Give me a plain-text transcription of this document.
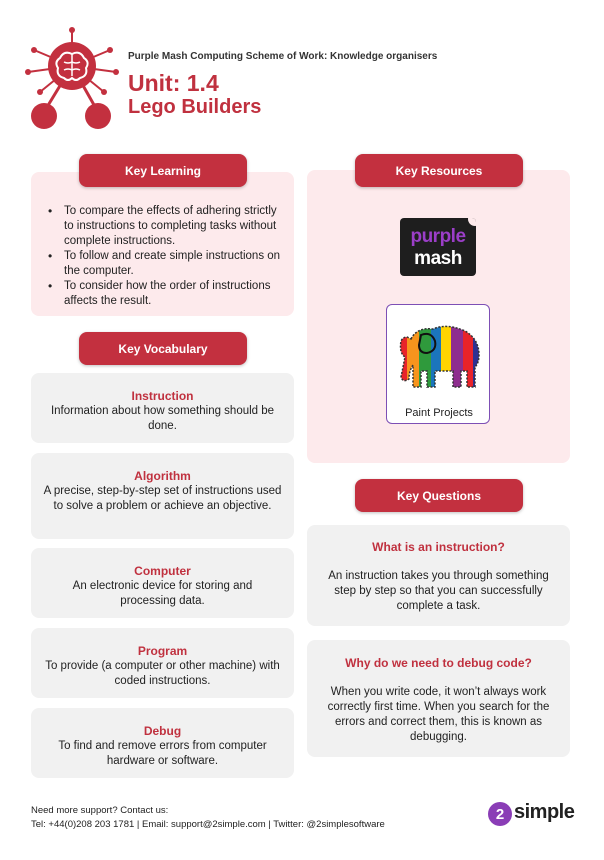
Purple Mash Computing Scheme of Work: Knowledge organisers
Unit: 1.4
Lego Builders
Key Learning
• To compare the effects of adhering strictly to instructions to completing tasks without complete instructions.
• To follow and create simple instructions on the computer.
• To consider how the order of instructions affects the result.
Key Vocabulary
Instruction
Information about how something should be done.
Algorithm
A precise, step-by-step set of instructions used to solve a problem or achieve an objective.
Computer
An electronic device for storing and processing data.
Program
To provide (a computer or other machine) with coded instructions.
Debug
To find and remove errors from computer hardware or software.
Key Resources
purple
mash
Paint Projects
Key Questions
What is an instruction?
An instruction takes you through something step by step so that you can successfully complete a task.
Why do we need to debug code?
When you write code, it won’t always work correctly first time. When you search for the errors and correct them, this is known as debugging.
Need more support? Contact us:
Tel: +44(0)208 203 1781 | Email: support@2simple.com | Twitter: @2simplesoftware
2 simple
